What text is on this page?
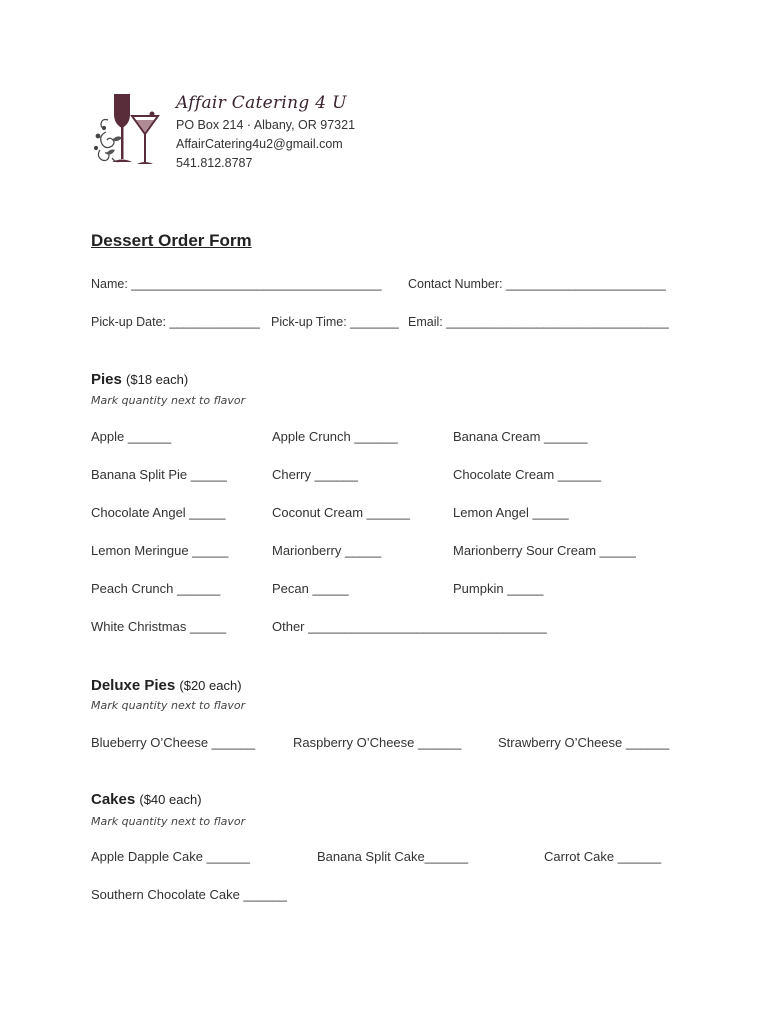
Affair Catering 4 U
PO Box 214 · Albany, OR 97321
AffairCatering4u2@gmail.com
541.812.8787
Dessert Order Form
Name: ____________________________________ Contact Number: _______________________
Pick-up Date: _____________ Pick-up Time: _______ Email: ________________________________
Pies ($18 each)
Mark quantity next to flavor
Apple ______	Apple Crunch ______	Banana Cream ______
Banana Split Pie _____	Cherry ______	Chocolate Cream ______
Chocolate Angel _____	Coconut Cream ______	Lemon Angel _____
Lemon Meringue _____	Marionberry _____	Marionberry Sour Cream _____
Peach Crunch ______	Pecan _____	Pumpkin _____
White Christmas _____	Other _________________________________
Deluxe Pies ($20 each)
Mark quantity next to flavor
Blueberry O’Cheese ______	Raspberry O’Cheese ______	Strawberry O’Cheese ______
Cakes ($40 each)
Mark quantity next to flavor
Apple Dapple Cake ______	Banana Split Cake______	Carrot Cake ______
Southern Chocolate Cake ______
